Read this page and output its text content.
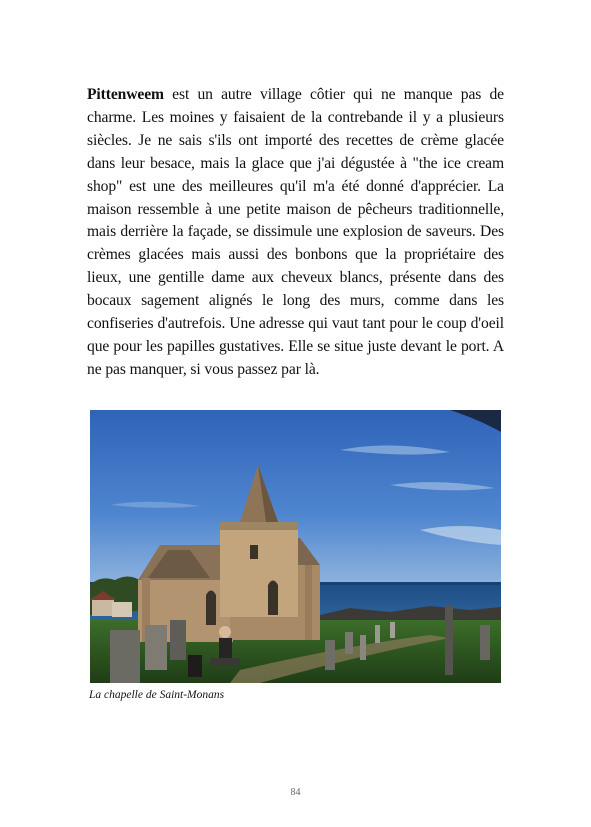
Pittenweem est un autre village côtier qui ne manque pas de charme. Les moines y faisaient de la contrebande il y a plusieurs siècles. Je ne sais s'ils ont importé des recettes de crème glacée dans leur besace, mais la glace que j'ai dégustée à "the ice cream shop" est une des meilleures qu'il m'a été donné d'apprécier. La maison ressemble à une petite maison de pêcheurs traditionnelle, mais derrière la façade, se dissimule une explosion de saveurs. Des crèmes glacées mais aussi des bonbons que la propriétaire des lieux, une gentille dame aux cheveux blancs, présente dans des bocaux sagement alignés le long des murs, comme dans les confiseries d'autrefois. Une adresse qui vaut tant pour le coup d'oeil que pour les papilles gustatives. Elle se situe juste devant le port. A ne pas manquer, si vous passez par là.

La chapelle de Saint-Monans

84
